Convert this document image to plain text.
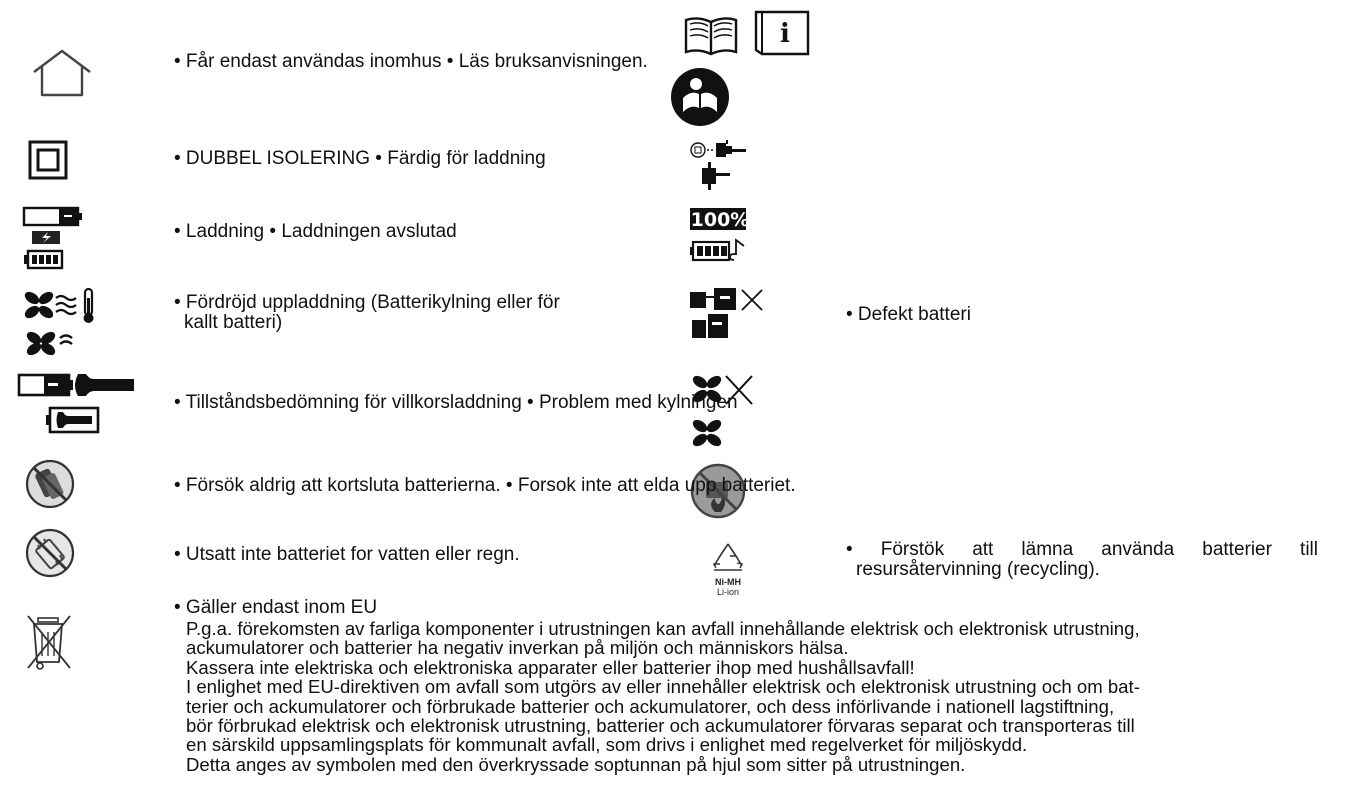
i
100%
Ni-MH
Li-ion
• Får endast användas inomhus • Läs bruksanvisningen.
• DUBBEL ISOLERING • Färdig för laddning
• Laddning • Laddningen avslutad
• Fördröjd uppladdning (Batterikylning eller för
kallt batteri)	• Defekt batteri
• Tillståndsbedömning för villkorsladdning • Problem med kylningen
• Försök aldrig att kortsluta batterierna. • Forsok inte att elda upp batteriet.
• Utsatt inte batteriet for vatten eller regn.	• Förstök att lämna använda batterier till
resursåtervinning (recycling).
• Gäller endast inom EU
P.g.a. förekomsten av farliga komponenter i utrustningen kan avfall innehållande elektrisk och elektronisk utrustning,
ackumulatorer och batterier ha negativ inverkan på miljön och människors hälsa.
Kassera inte elektriska och elektroniska apparater eller batterier ihop med hushållsavfall!
I enlighet med EU-direktiven om avfall som utgörs av eller innehåller elektrisk och elektronisk utrustning och om bat-
terier och ackumulatorer och förbrukade batterier och ackumulatorer, och dess införlivande i nationell lagstiftning,
bör förbrukad elektrisk och elektronisk utrustning, batterier och ackumulatorer förvaras separat och transporteras till
en särskild uppsamlingsplats för kommunalt avfall, som drivs i enlighet med regelverket för miljöskydd.
Detta anges av symbolen med den överkryssade soptunnan på hjul som sitter på utrustningen.
